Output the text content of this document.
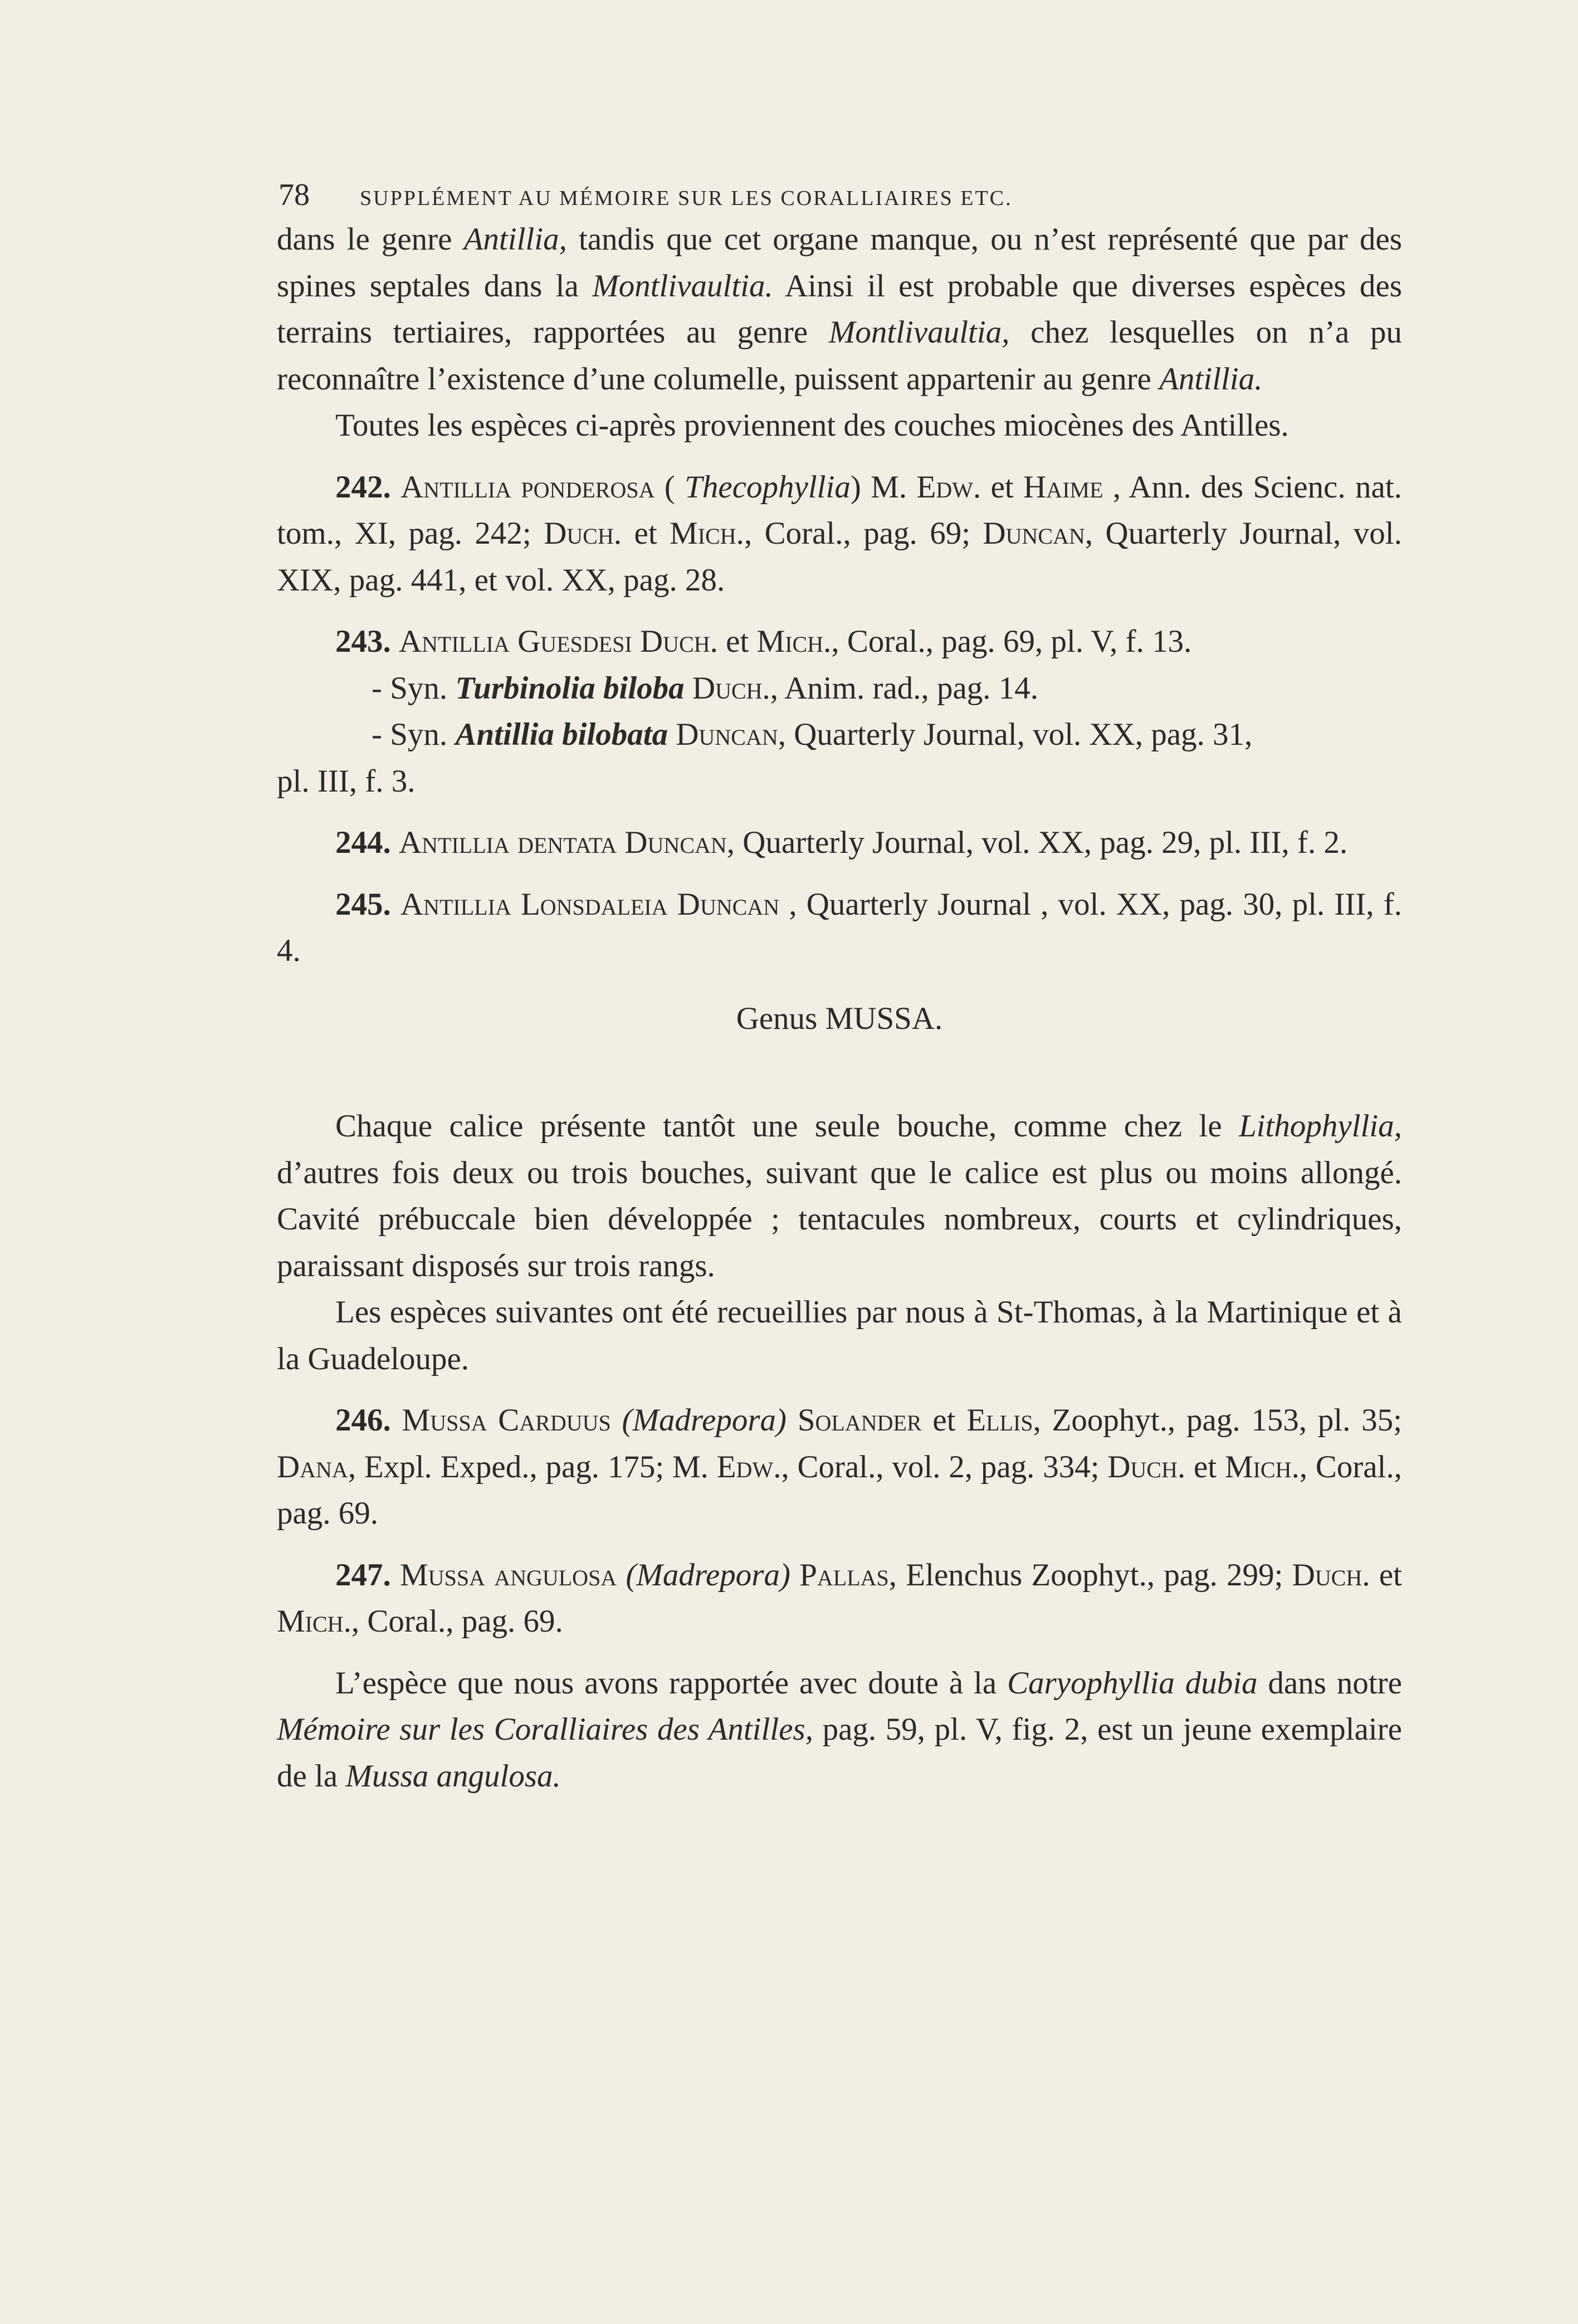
78 SUPPLÉMENT AU MÉMOIRE SUR LES CORALLIAIRES ETC.

dans le genre Antillia, tandis que cet organe manque, ou n’est représenté que par des spines septales dans la Montlivaultia. Ainsi il est probable que diverses espèces des terrains tertiaires, rapportées au genre Montlivaultia, chez lesquelles on n’a pu reconnaître l’existence d’une columelle, puissent appartenir au genre Antillia.

Toutes les espèces ci-après proviennent des couches miocènes des Antilles.

242. Antillia ponderosa ( Thecophyllia) M. Edw. et Haime , Ann. des Scienc. nat. tom., XI, pag. 242; Duch. et Mich., Coral., pag. 69; Duncan, Quarterly Journal, vol. XIX, pag. 441, et vol. XX, pag. 28.

243. Antillia Guesdesi Duch. et Mich., Coral., pag. 69, pl. V, f. 13.

- Syn. Turbinolia biloba Duch., Anim. rad., pag. 14.

- Syn. Antillia bilobata Duncan, Quarterly Journal, vol. XX, pag. 31,

pl. III, f. 3.

244. Antillia dentata Duncan, Quarterly Journal, vol. XX, pag. 29, pl. III, f. 2.

245. Antillia Lonsdaleia Duncan , Quarterly Journal , vol. XX, pag. 30, pl. III, f. 4.

Genus MUSSA.

Chaque calice présente tantôt une seule bouche, comme chez le Lithophyllia, d’autres fois deux ou trois bouches, suivant que le calice est plus ou moins allongé. Cavité prébuccale bien développée ; tentacules nombreux, courts et cylindriques, paraissant disposés sur trois rangs.

Les espèces suivantes ont été recueillies par nous à St-Thomas, à la Martinique et à la Guadeloupe.

246. Mussa Carduus (Madrepora) Solander et Ellis, Zoophyt., pag. 153, pl. 35; Dana, Expl. Exped., pag. 175; M. Edw., Coral., vol. 2, pag. 334; Duch. et Mich., Coral., pag. 69.

247. Mussa angulosa (Madrepora) Pallas, Elenchus Zoophyt., pag. 299; Duch. et Mich., Coral., pag. 69.

L’espèce que nous avons rapportée avec doute à la Caryophyllia dubia dans notre Mémoire sur les Coralliaires des Antilles, pag. 59, pl. V, fig. 2, est un jeune exemplaire de la Mussa angulosa.
